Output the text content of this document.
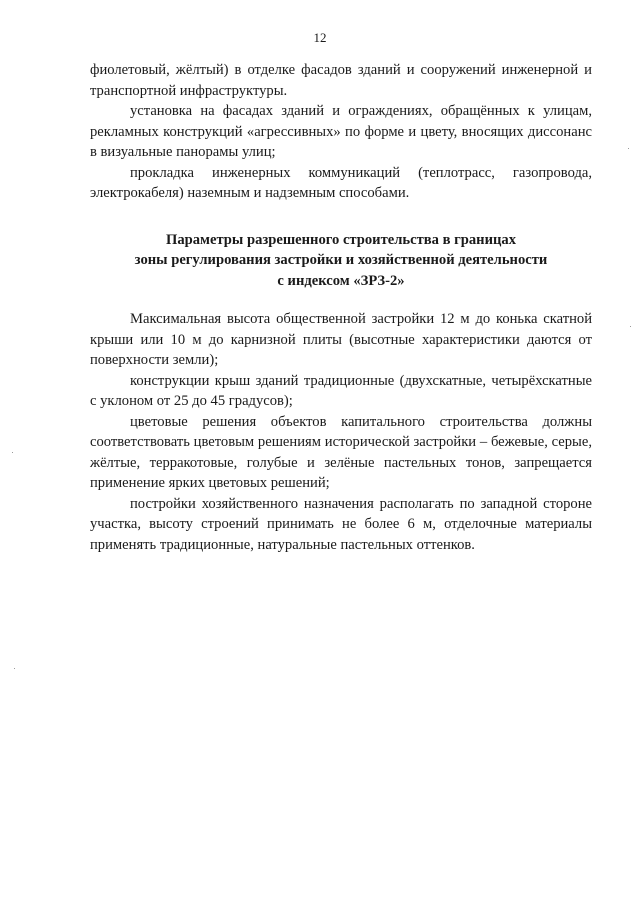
12

фиолетовый, жёлтый) в отделке фасадов зданий и сооружений инженерной и транспортной инфраструктуры.

установка на фасадах зданий и ограждениях, обращённых к улицам, рекламных конструкций «агрессивных» по форме и цвету, вносящих диссонанс в визуальные панорамы улиц;

прокладка инженерных коммуникаций (теплотрасс, газопровода, электрокабеля) наземным и надземным способами.

Параметры разрешенного строительства в границах
зоны регулирования застройки и хозяйственной деятельности
с индексом «ЗРЗ-2»

Максимальная высота общественной застройки 12 м до конька скатной крыши или 10 м до карнизной плиты (высотные характеристики даются от поверхности земли);

конструкции крыш зданий традиционные (двухскатные, четырёхскатные с уклоном от 25 до 45 градусов);

цветовые решения объектов капитального строительства должны соответствовать цветовым решениям исторической застройки – бежевые, серые, жёлтые, терракотовые, голубые и зелёные пастельных тонов, запрещается применение ярких цветовых решений;

постройки хозяйственного назначения располагать по западной стороне участка, высоту строений принимать не более 6 м, отделочные материалы применять традиционные, натуральные пастельных оттенков.
